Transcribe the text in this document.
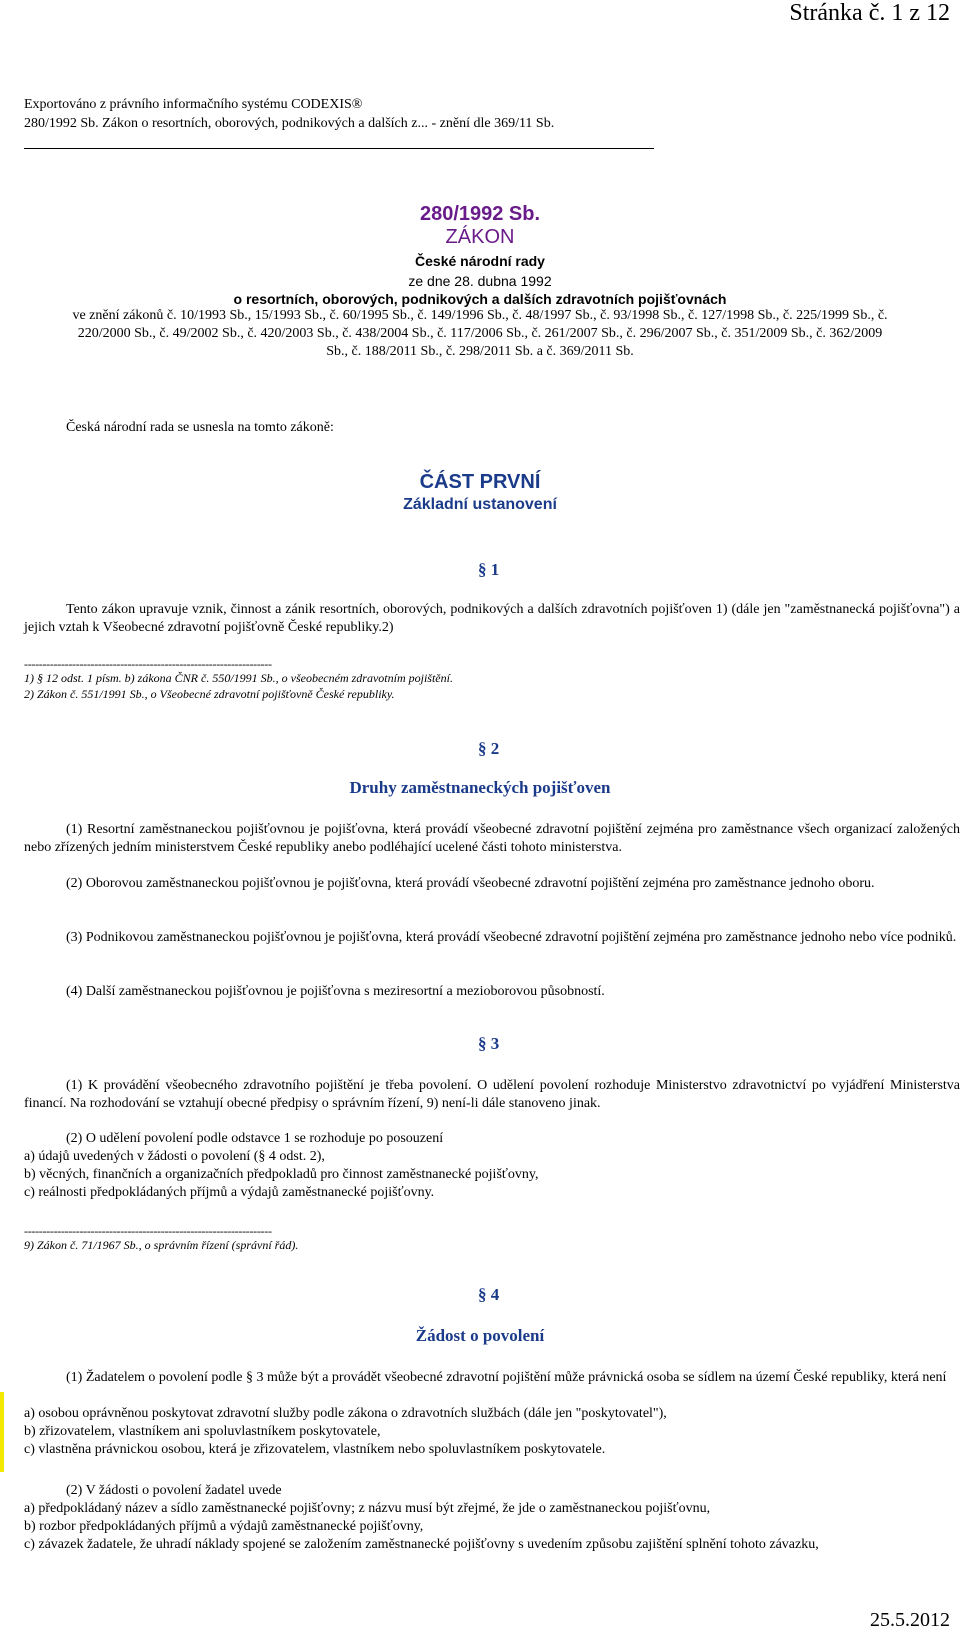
Stránka č. 1 z 12
Exportováno z právního informačního systému CODEXIS®
280/1992 Sb. Zákon o resortních, oborových, podnikových a dalších z... - znění dle 369/11 Sb.
280/1992 Sb.
ZÁKON
České národní rady
ze dne 28. dubna 1992
o resortních, oborových, podnikových a dalších zdravotních pojišťovnách
ve znění zákonů č. 10/1993 Sb., 15/1993 Sb., č. 60/1995 Sb., č. 149/1996 Sb., č. 48/1997 Sb., č. 93/1998 Sb., č. 127/1998 Sb., č. 225/1999 Sb., č.
220/2000 Sb., č. 49/2002 Sb., č. 420/2003 Sb., č. 438/2004 Sb., č. 117/2006 Sb., č. 261/2007 Sb., č. 296/2007 Sb., č. 351/2009 Sb., č. 362/2009
Sb., č. 188/2011 Sb., č. 298/2011 Sb. a č. 369/2011 Sb.
Česká národní rada se usnesla na tomto zákoně:
ČÁST PRVNÍ
Základní ustanovení
§ 1
Tento zákon upravuje vznik, činnost a zánik resortních, oborových, podnikových a dalších zdravotních pojišťoven 1) (dále jen "zaměstnanecká pojišťovna") a jejich vztah k Všeobecné zdravotní pojišťovně České republiky.2)
-------------------------------------------------------------------
1) § 12 odst. 1 písm. b) zákona ČNR č. 550/1991 Sb., o všeobecném zdravotním pojištění.
2) Zákon č. 551/1991 Sb., o Všeobecné zdravotní pojišťovně České republiky.
§ 2
Druhy zaměstnaneckých pojišťoven
(1) Resortní zaměstnaneckou pojišťovnou je pojišťovna, která provádí všeobecné zdravotní pojištění zejména pro zaměstnance všech organizací založených nebo zřízených jedním ministerstvem České republiky anebo podléhající ucelené části tohoto ministerstva.
(2) Oborovou zaměstnaneckou pojišťovnou je pojišťovna, která provádí všeobecné zdravotní pojištění zejména pro zaměstnance jednoho oboru.
(3) Podnikovou zaměstnaneckou pojišťovnou je pojišťovna, která provádí všeobecné zdravotní pojištění zejména pro zaměstnance jednoho nebo více podniků.
(4) Další zaměstnaneckou pojišťovnou je pojišťovna s meziresortní a mezioborovou působností.
§ 3
(1) K provádění všeobecného zdravotního pojištění je třeba povolení. O udělení povolení rozhoduje Ministerstvo zdravotnictví po vyjádření Ministerstva financí. Na rozhodování se vztahují obecné předpisy o správním řízení, 9) není-li dále stanoveno jinak.
(2) O udělení povolení podle odstavce 1 se rozhoduje po posouzení
a) údajů uvedených v žádosti o povolení (§ 4 odst. 2),
b) věcných, finančních a organizačních předpokladů pro činnost zaměstnanecké pojišťovny,
c) reálnosti předpokládaných příjmů a výdajů zaměstnanecké pojišťovny.
-------------------------------------------------------------------
9) Zákon č. 71/1967 Sb., o správním řízení (správní řád).
§ 4
Žádost o povolení
(1) Žadatelem o povolení podle § 3 může být a provádět všeobecné zdravotní pojištění může právnická osoba se sídlem na území České republiky, která není
a) osobou oprávněnou poskytovat zdravotní služby podle zákona o zdravotních službách (dále jen "poskytovatel"),
b) zřizovatelem, vlastníkem ani spoluvlastníkem poskytovatele,
c) vlastněna právnickou osobou, která je zřizovatelem, vlastníkem nebo spoluvlastníkem poskytovatele.
(2) V žádosti o povolení žadatel uvede
a) předpokládaný název a sídlo zaměstnanecké pojišťovny; z názvu musí být zřejmé, že jde o zaměstnaneckou pojišťovnu,
b) rozbor předpokládaných příjmů a výdajů zaměstnanecké pojišťovny,
c) závazek žadatele, že uhradí náklady spojené se založením zaměstnanecké pojišťovny s uvedením způsobu zajištění splnění tohoto závazku,
25.5.2012
